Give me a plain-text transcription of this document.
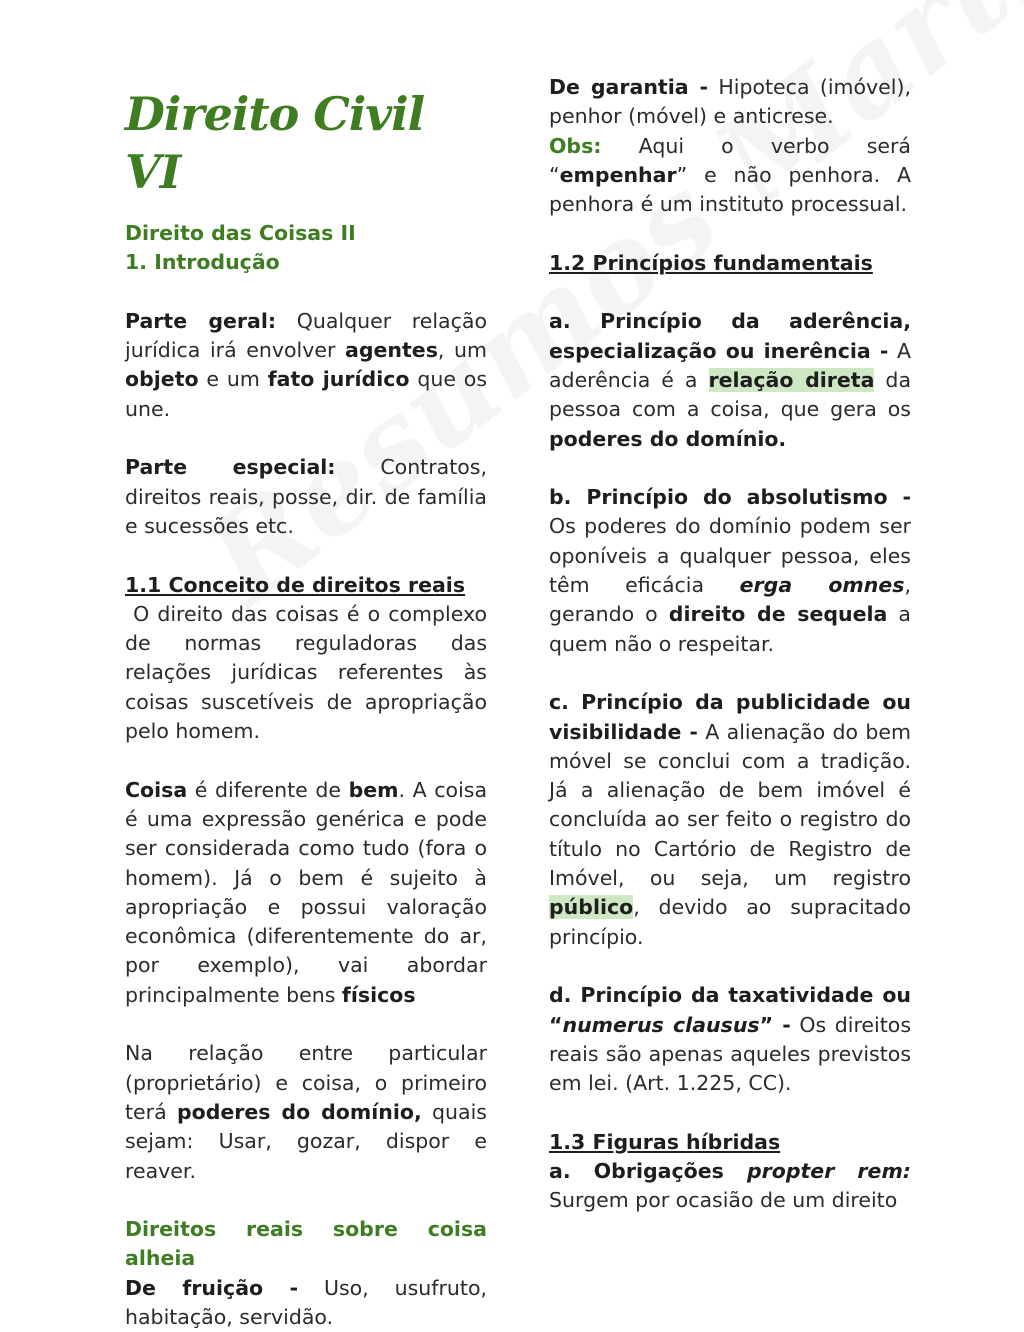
Direito Civil VI

Direito das Coisas II

1. Introdução

Parte geral: Qualquer relação jurídica irá envolver agentes, um objeto e um fato jurídico que os une.

Parte especial: Contratos, direitos reais, posse, dir. de família e sucessões etc.

1.1 Conceito de direitos reais

O direito das coisas é o complexo de normas reguladoras das relações jurídicas referentes às coisas suscetíveis de apropriação pelo homem.

Coisa é diferente de bem. A coisa é uma expressão genérica e pode ser considerada como tudo (fora o homem). Já o bem é sujeito à apropriação e possui valoração econômica (diferentemente do ar, por exemplo), vai abordar principalmente bens físicos

Na relação entre particular (proprietário) e coisa, o primeiro terá poderes do domínio, quais sejam: Usar, gozar, dispor e reaver.

Direitos reais sobre coisa alheia

De fruição - Uso, usufruto, habitação, servidão.

De garantia - Hipoteca (imóvel), penhor (móvel) e anticrese.

Obs: Aqui o verbo será “empenhar” e não penhora. A penhora é um instituto processual.

1.2 Princípios fundamentais

a. Princípio da aderência, especialização ou inerência - A aderência é a relação direta da pessoa com a coisa, que gera os poderes do domínio.

b. Princípio do absolutismo - Os poderes do domínio podem ser oponíveis a qualquer pessoa, eles têm eficácia erga omnes, gerando o direito de sequela a quem não o respeitar.

c. Princípio da publicidade ou visibilidade - A alienação do bem móvel se conclui com a tradição. Já a alienação de bem imóvel é concluída ao ser feito o registro do título no Cartório de Registro de Imóvel, ou seja, um registro público, devido ao supracitado princípio.

d. Princípio da taxatividade ou “numerus clausus” - Os direitos reais são apenas aqueles previstos em lei. (Art. 1.225, CC).

1.3 Figuras híbridas

a. Obrigações propter rem: Surgem por ocasião de um direito
